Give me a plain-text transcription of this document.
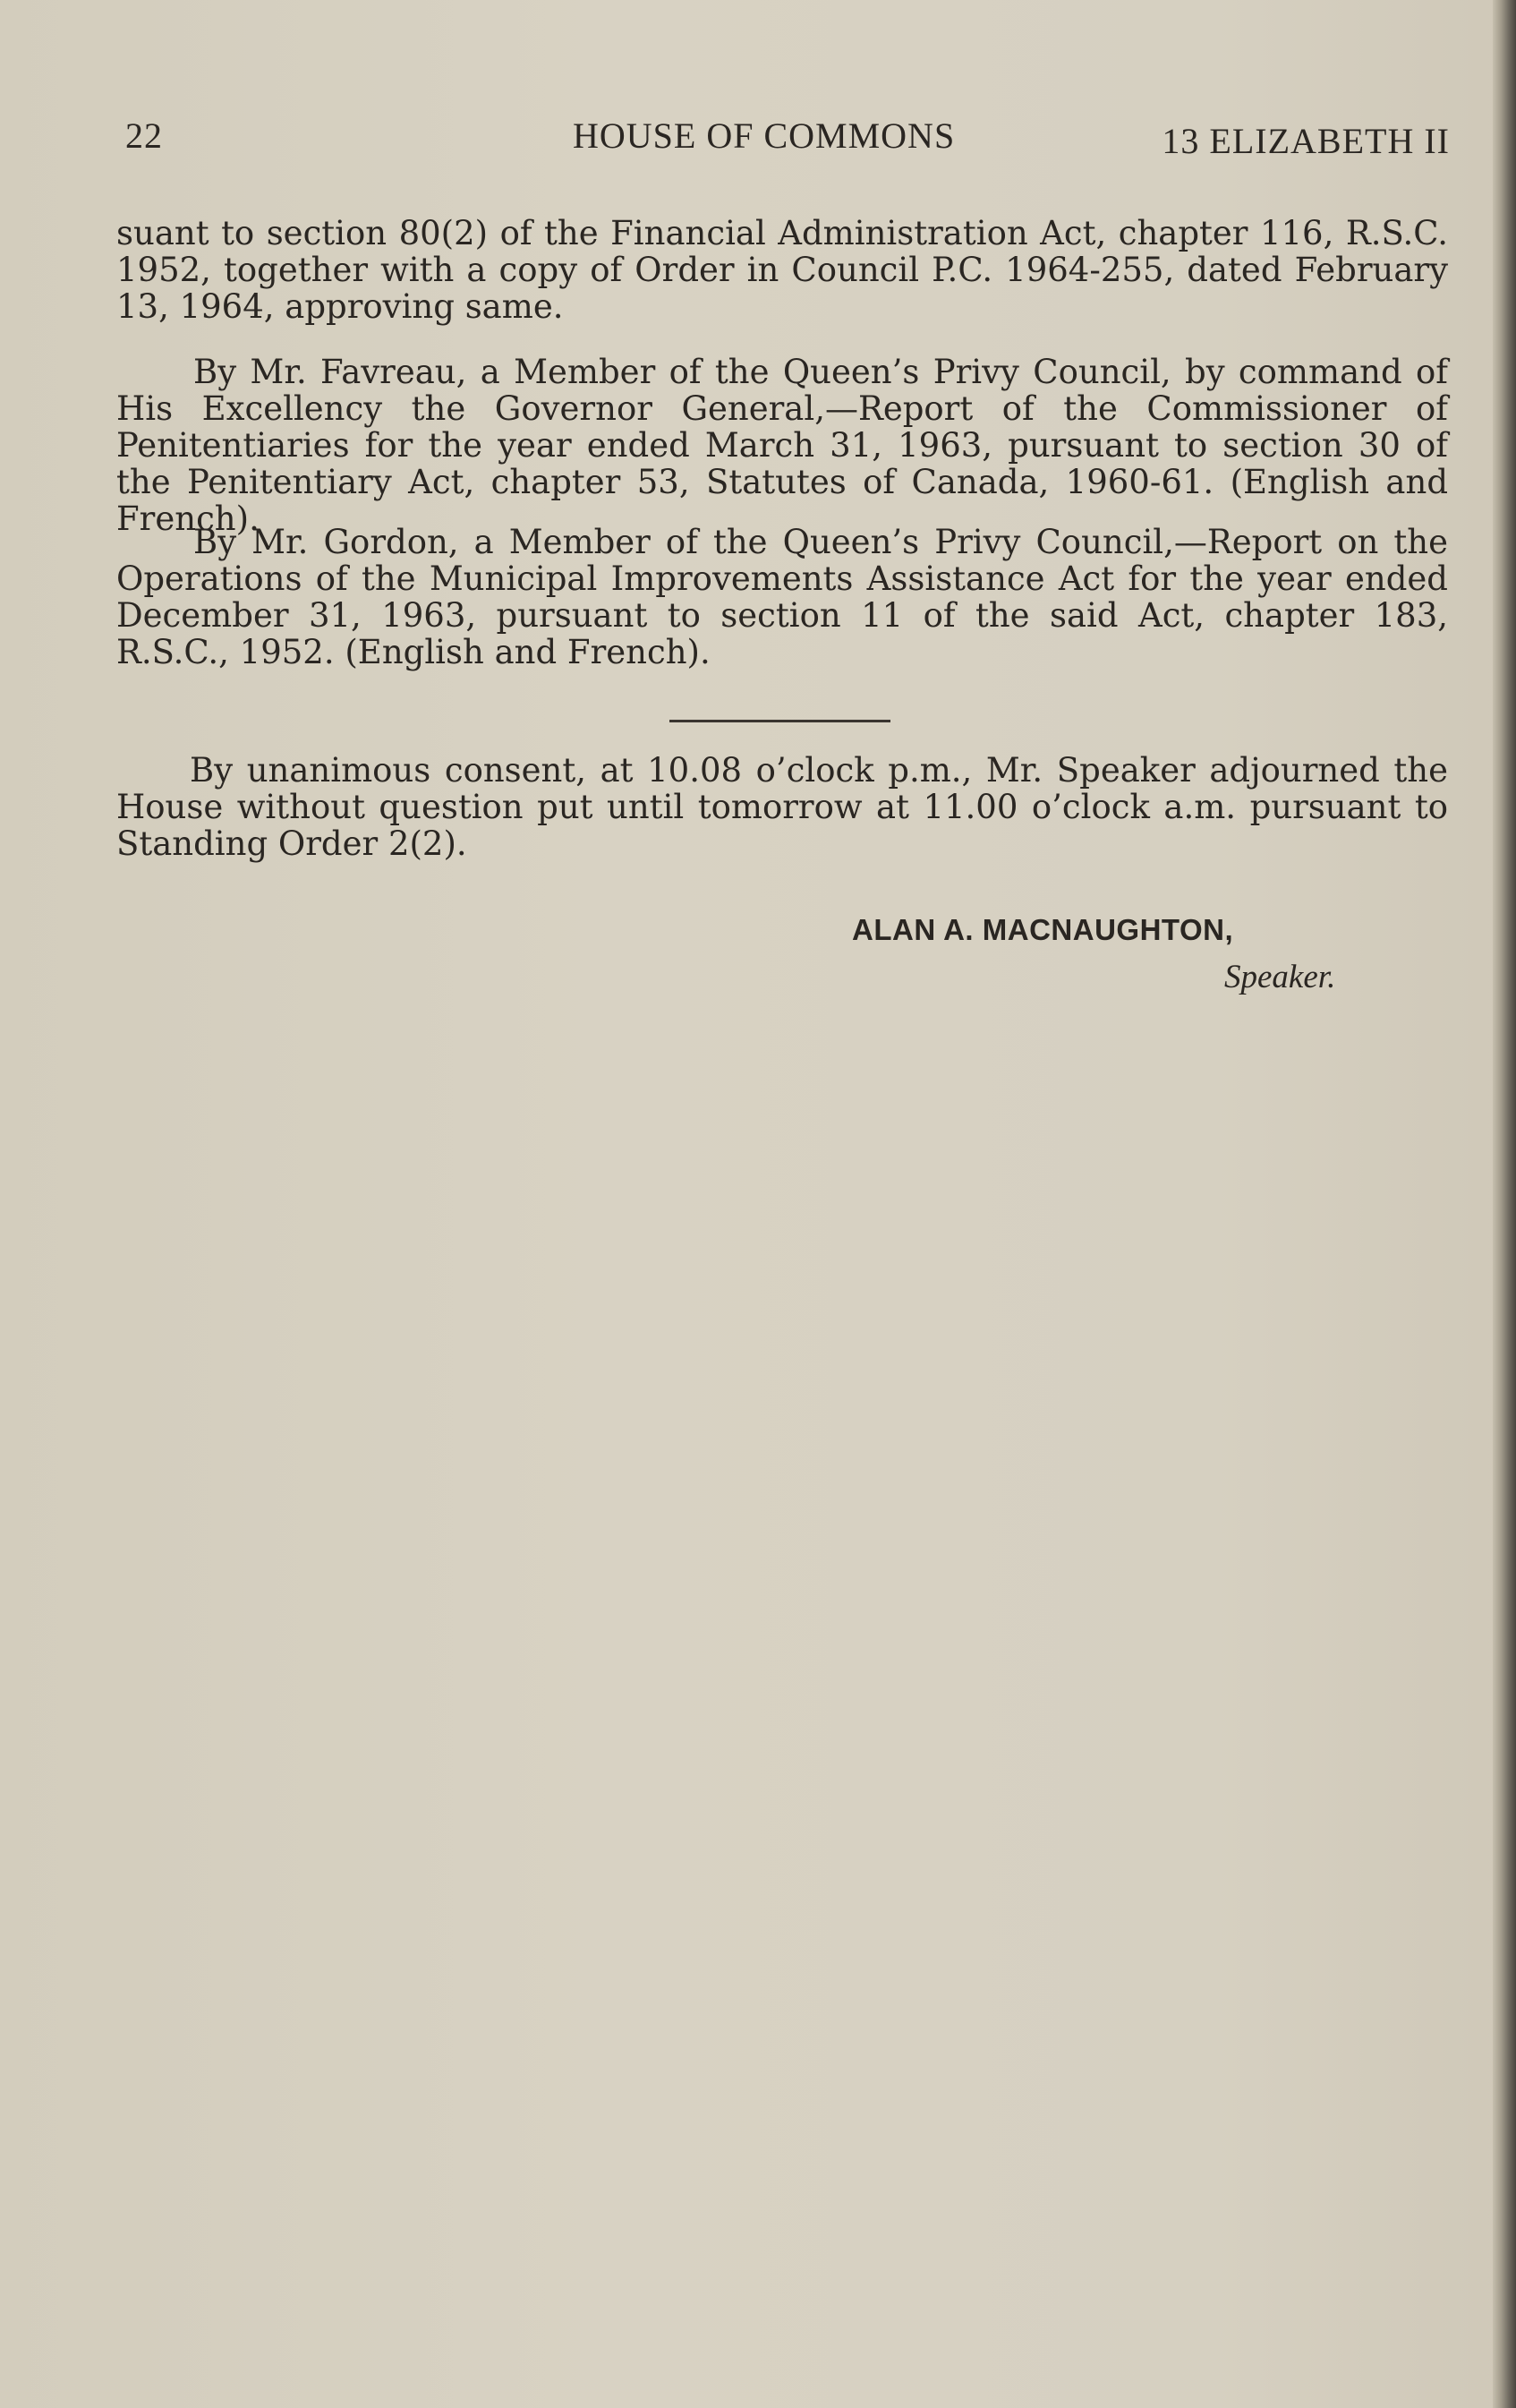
22	HOUSE OF COMMONS	13 ELIZABETH II

suant to section 80(2) of the Financial Administration Act, chapter 116, R.S.C. 1952, together with a copy of Order in Council P.C. 1964-255, dated February 13, 1964, approving same.

By Mr. Favreau, a Member of the Queen’s Privy Council, by command of His Excellency the Governor General,—Report of the Commissioner of Penitentiaries for the year ended March 31, 1963, pursuant to section 30 of the Penitentiary Act, chapter 53, Statutes of Canada, 1960-61. (English and French).

By Mr. Gordon, a Member of the Queen’s Privy Council,—Report on the Operations of the Municipal Improvements Assistance Act for the year ended December 31, 1963, pursuant to section 11 of the said Act, chapter 183, R.S.C., 1952. (English and French).

By unanimous consent, at 10.08 o’clock p.m., Mr. Speaker adjourned the House without question put until tomorrow at 11.00 o’clock a.m. pursuant to Standing Order 2(2).

ALAN A. MACNAUGHTON,
Speaker.
